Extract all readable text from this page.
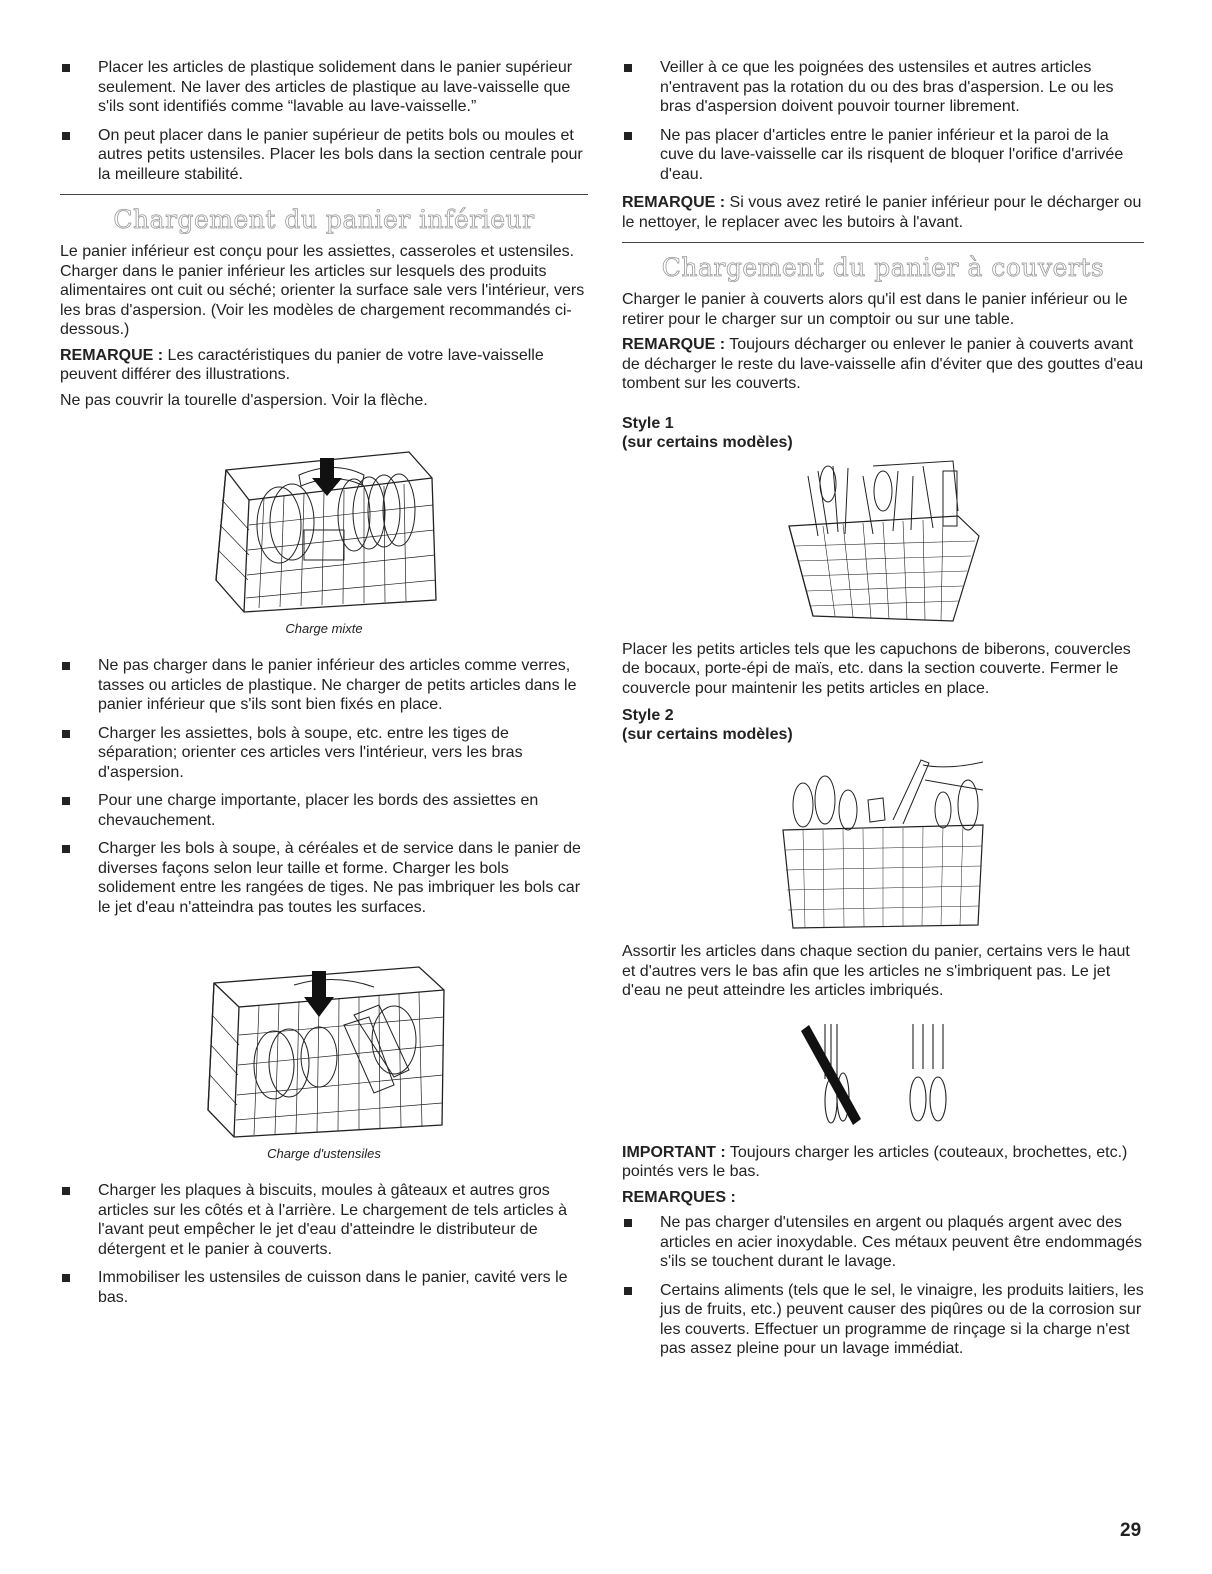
Placer les articles de plastique solidement dans le panier supérieur seulement. Ne laver des articles de plastique au lave-vaisselle que s'ils sont identifiés comme “lavable au lave-vaisselle.”
On peut placer dans le panier supérieur de petits bols ou moules et autres petits ustensiles. Placer les bols dans la section centrale pour la meilleure stabilité.
Chargement du panier inférieur

Le panier inférieur est conçu pour les assiettes, casseroles et ustensiles. Charger dans le panier inférieur les articles sur lesquels des produits alimentaires ont cuit ou séché; orienter la surface sale vers l'intérieur, vers les bras d'aspersion. (Voir les modèles de chargement recommandés ci-dessous.)

REMARQUE : Les caractéristiques du panier de votre lave-vaisselle peuvent différer des illustrations.

Ne pas couvrir la tourelle d'aspersion. Voir la flèche.

Charge mixte
Ne pas charger dans le panier inférieur des articles comme verres, tasses ou articles de plastique. Ne charger de petits articles dans le panier inférieur que s'ils sont bien fixés en place.
Charger les assiettes, bols à soupe, etc. entre les tiges de séparation; orienter ces articles vers l'intérieur, vers les bras d'aspersion.
Pour une charge importante, placer les bords des assiettes en chevauchement.
Charger les bols à soupe, à céréales et de service dans le panier de diverses façons selon leur taille et forme. Charger les bols solidement entre les rangées de tiges. Ne pas imbriquer les bols car le jet d'eau n'atteindra pas toutes les surfaces.
Charge d'ustensiles
Charger les plaques à biscuits, moules à gâteaux et autres gros articles sur les côtés et à l'arrière. Le chargement de tels articles à l'avant peut empêcher le jet d'eau d'atteindre le distributeur de détergent et le panier à couverts.
Immobiliser les ustensiles de cuisson dans le panier, cavité vers le bas.
Veiller à ce que les poignées des ustensiles et autres articles n'entravent pas la rotation du ou des bras d'aspersion. Le ou les bras d'aspersion doivent pouvoir tourner librement.
Ne pas placer d'articles entre le panier inférieur et la paroi de la cuve du lave-vaisselle car ils risquent de bloquer l'orifice d'arrivée d'eau.

REMARQUE : Si vous avez retiré le panier inférieur pour le décharger ou le nettoyer, le replacer avec les butoirs à l'avant.

Chargement du panier à couverts

Charger le panier à couverts alors qu'il est dans le panier inférieur ou le retirer pour le charger sur un comptoir ou sur une table.

REMARQUE : Toujours décharger ou enlever le panier à couverts avant de décharger le reste du lave-vaisselle afin d'éviter que des gouttes d'eau tombent sur les couverts.

Style 1
(sur certains modèles)

Placer les petits articles tels que les capuchons de biberons, couvercles de bocaux, porte-épi de maïs, etc. dans la section couverte. Fermer le couvercle pour maintenir les petits articles en place.

Style 2
(sur certains modèles)

Assortir les articles dans chaque section du panier, certains vers le haut et d'autres vers le bas afin que les articles ne s'imbriquent pas. Le jet d'eau ne peut atteindre les articles imbriqués.

IMPORTANT : Toujours charger les articles (couteaux, brochettes, etc.) pointés vers le bas.

REMARQUES :

Ne pas charger d'utensiles en argent ou plaqués argent avec des articles en acier inoxydable. Ces métaux peuvent être endommagés s'ils se touchent durant le lavage.
Certains aliments (tels que le sel, le vinaigre, les produits laitiers, les jus de fruits, etc.) peuvent causer des piqûres ou de la corrosion sur les couverts. Effectuer un programme de rinçage si la charge n'est pas assez pleine pour un lavage immédiat.
29
